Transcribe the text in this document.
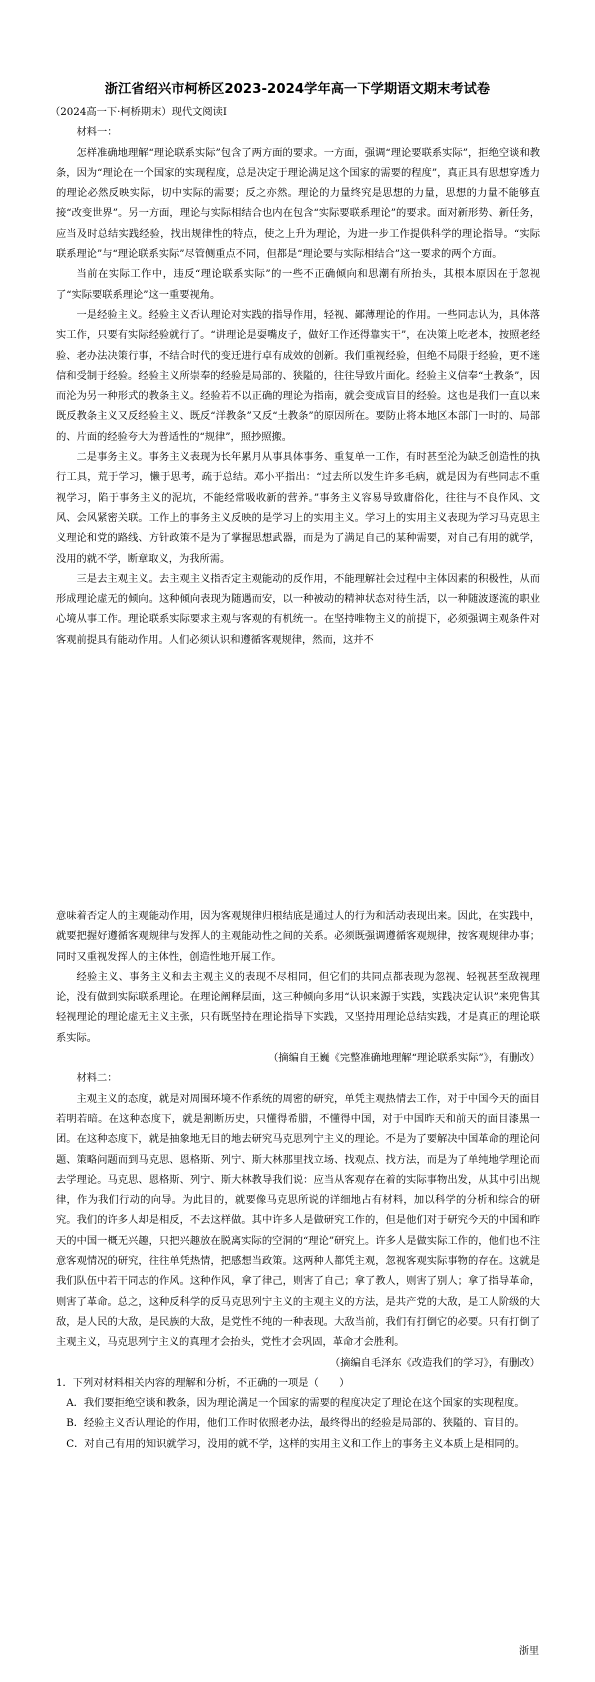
浙江省绍兴市柯桥区2023-2024学年高一下学期语文期末考试卷

（2024高一下·柯桥期末）现代文阅读I

材料一：

怎样准确地理解“理论联系实际”包含了两方面的要求。一方面，强调“理论要联系实际”，拒绝空谈和教条，因为“理论在一个国家的实现程度，总是决定于理论满足这个国家的需要的程度”，真正具有思想穿透力的理论必然反映实际，切中实际的需要；反之亦然。理论的力量终究是思想的力量，思想的力量不能够直接“改变世界”。另一方面，理论与实际相结合也内在包含“实际要联系理论”的要求。面对新形势、新任务，应当及时总结实践经验，找出规律性的特点，使之上升为理论，为进一步工作提供科学的理论指导。“实际联系理论”与“理论联系实际”尽管侧重点不同，但都是“理论要与实际相结合”这一要求的两个方面。

当前在实际工作中，违反“理论联系实际”的一些不正确倾向和思潮有所抬头，其根本原因在于忽视了“实际要联系理论”这一重要视角。

一是经验主义。经验主义否认理论对实践的指导作用，轻视、鄙薄理论的作用。一些同志认为，具体落实工作，只要有实际经验就行了。“讲理论是耍嘴皮子，做好工作还得靠实干”，在决策上吃老本，按照老经验、老办法决策行事，不结合时代的变迁进行卓有成效的创新。我们重视经验，但绝不局限于经验，更不迷信和受制于经验。经验主义所崇奉的经验是局部的、狭隘的，往往导致片面化。经验主义信奉“土教条”，因而沦为另一种形式的教条主义。经验若不以正确的理论为指南，就会变成盲目的经验。这也是我们一直以来既反教条主义又反经验主义、既反“洋教条”又反“土教条”的原因所在。要防止将本地区本部门一时的、局部的、片面的经验夸大为普适性的“规律”，照抄照搬。

二是事务主义。事务主义表现为长年累月从事具体事务、重复单一工作，有时甚至沦为缺乏创造性的执行工具，荒于学习，懒于思考，疏于总结。邓小平指出：“过去所以发生许多毛病，就是因为有些同志不重视学习，陷于事务主义的泥坑，不能经常吸收新的营养。”事务主义容易导致庸俗化，往往与不良作风、文风、会风紧密关联。工作上的事务主义反映的是学习上的实用主义。学习上的实用主义表现为学习马克思主义理论和党的路线、方针政策不是为了掌握思想武器，而是为了满足自己的某种需要，对自己有用的就学，没用的就不学，断章取义，为我所需。

三是去主观主义。去主观主义指否定主观能动的反作用，不能理解社会过程中主体因素的积极性，从而形成理论虚无的倾向。这种倾向表现为随遇而安，以一种被动的精神状态对待生活，以一种随波逐流的职业心境从事工作。理论联系实际要求主观与客观的有机统一。在坚持唯物主义的前提下，必须强调主观条件对客观前提具有能动作用。人们必须认识和遵循客观规律，然而，这并不

意味着否定人的主观能动作用，因为客观规律归根结底是通过人的行为和活动表现出来。因此，在实践中，就要把握好遵循客观规律与发挥人的主观能动性之间的关系。必须既强调遵循客观规律，按客观规律办事；同时又重视发挥人的主体性，创造性地开展工作。

经验主义、事务主义和去主观主义的表现不尽相同，但它们的共同点都表现为忽视、轻视甚至敌视理论，没有做到实际联系理论。在理论阐释层面，这三种倾向多用“认识来源于实践，实践决定认识”来兜售其轻视理论的理论虚无主义主张，只有既坚持在理论指导下实践，又坚持用理论总结实践，才是真正的理论联系实际。

（摘编自王巍《完整准确地理解“理论联系实际”》，有删改）

材料二：

主观主义的态度，就是对周围环境不作系统的周密的研究，单凭主观热情去工作，对于中国今天的面目若明若暗。在这种态度下，就是割断历史，只懂得希腊，不懂得中国，对于中国昨天和前天的面目漆黑一团。在这种态度下，就是抽象地无目的地去研究马克思列宁主义的理论。不是为了要解决中国革命的理论问题、策略问题而到马克思、恩格斯、列宁、斯大林那里找立场、找观点、找方法，而是为了单纯地学理论而去学理论。马克思、恩格斯、列宁、斯大林教导我们说：应当从客观存在着的实际事物出发，从其中引出规律，作为我们行动的向导。为此目的，就要像马克思所说的详细地占有材料，加以科学的分析和综合的研究。我们的许多人却是相反，不去这样做。其中许多人是做研究工作的，但是他们对于研究今天的中国和昨天的中国一概无兴趣，只把兴趣放在脱离实际的空洞的“理论”研究上。许多人是做实际工作的，他们也不注意客观情况的研究，往往单凭热情，把感想当政策。这两种人都凭主观，忽视客观实际事物的存在。这就是我们队伍中若干同志的作风。这种作风，拿了律己，则害了自己；拿了教人，则害了别人；拿了指导革命，则害了革命。总之，这种反科学的反马克思列宁主义的主观主义的方法，是共产党的大敌，是工人阶级的大敌，是人民的大敌，是民族的大敌，是党性不纯的一种表现。大敌当前，我们有打倒它的必要。只有打倒了主观主义，马克思列宁主义的真理才会抬头，党性才会巩固，革命才会胜利。

（摘编自毛泽东《改造我们的学习》，有删改）

1．下列对材料相关内容的理解和分析，不正确的一项是（　　）

A．我们要拒绝空谈和教条，因为理论满足一个国家的需要的程度决定了理论在这个国家的实现程度。

B．经验主义否认理论的作用，他们工作时依照老办法，最终得出的经验是局部的、狭隘的、盲目的。

C．对自己有用的知识就学习，没用的就不学，这样的实用主义和工作上的事务主义本质上是相同的。

浙里
